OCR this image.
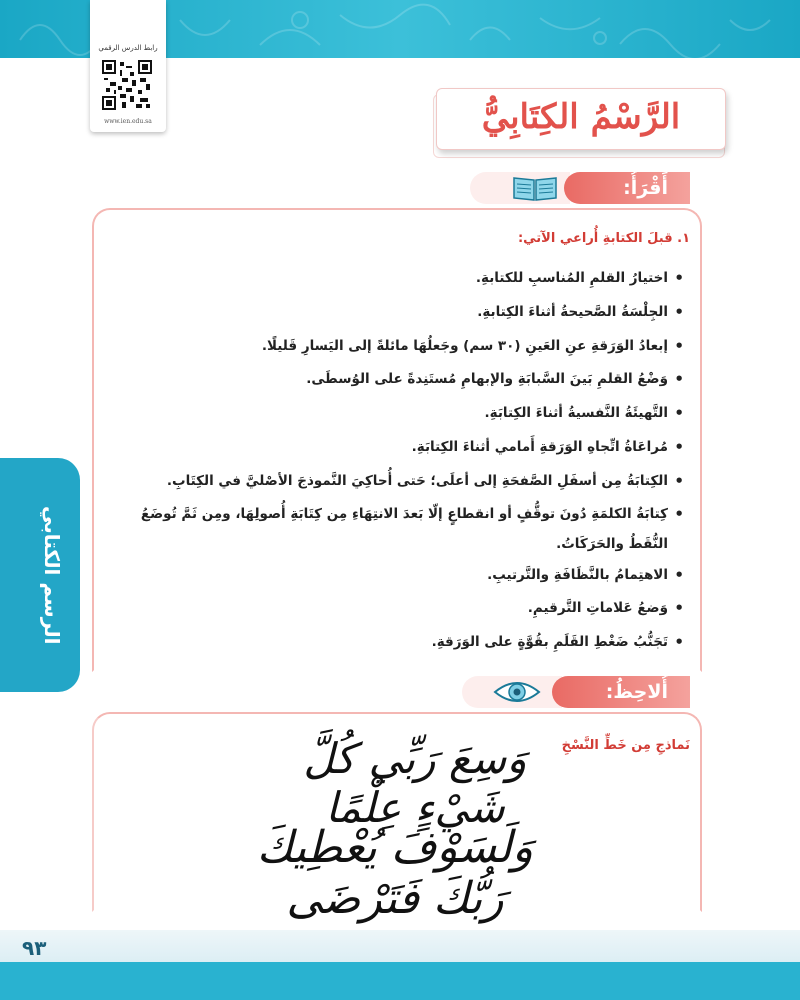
رابط الدرس الرقمي
www.ien.edu.sa	الرَّسْمُ الكِتَابِيُّ
الرسم الكتابي
أَقْرَأُ:
١. قبلَ الكتابةِ أُراعي الآتي:
• اختيارُ القلمِ المُناسبِ للكتابةِ.
• الجِلْسَةُ الصَّحيحةُ أثناءَ الكِتابةِ.
• إبعادُ الوَرَقةِ عنِ العَينِ (٣٠ سم) وجَعلُهَا مائلةً إلى اليَسارِ قَليلًا.
• وَضْعُ القلمِ بَينَ السَّبابَةِ والإبهامِ مُستَنِدةً على الوُسطَى.
• التَّهيئَةُ النَّفسيةُ أثناءَ الكِتابَةِ.
• مُراعَاةُ اتِّجاهِ الوَرَقةِ أَمامي أثناءَ الكِتابَةِ.
• الكِتابَةُ مِن أسفَلِ الصَّفحَةِ إلى أعلَى؛ حَتى أُحاكِيَ النَّموذجَ الأصْليَّ في الكِتَابِ.
• كِتابَةُ الكلمَةِ دُونَ توقُّفٍ أو انقطاعٍ إلّا بَعدَ الانتِهَاءِ مِن كِتَابَةِ أُصولِهَا، ومِن ثَمَّ تُوضَعُ النُّقَطُ والحَرَكَاتُ.
• الاهتِمامُ بالنَّظَافَةِ والتَّرتيبِ.
• وَضعُ عَلاماتِ التَّرقيمِ.
• تَجَنُّبُ ضَغْطِ القَلَمِ بقُوَّةٍ على الوَرَقةِ.
أُلاحِظُ:
نَماذجِ مِن خَطِّ النَّسْخِ
وَسِعَ رَبِّي كُلَّ شَيْءٍ عِلْمًا
وَلَسَوْفَ يُعْطِيكَ رَبُّكَ فَتَرْضَى
٩٣
